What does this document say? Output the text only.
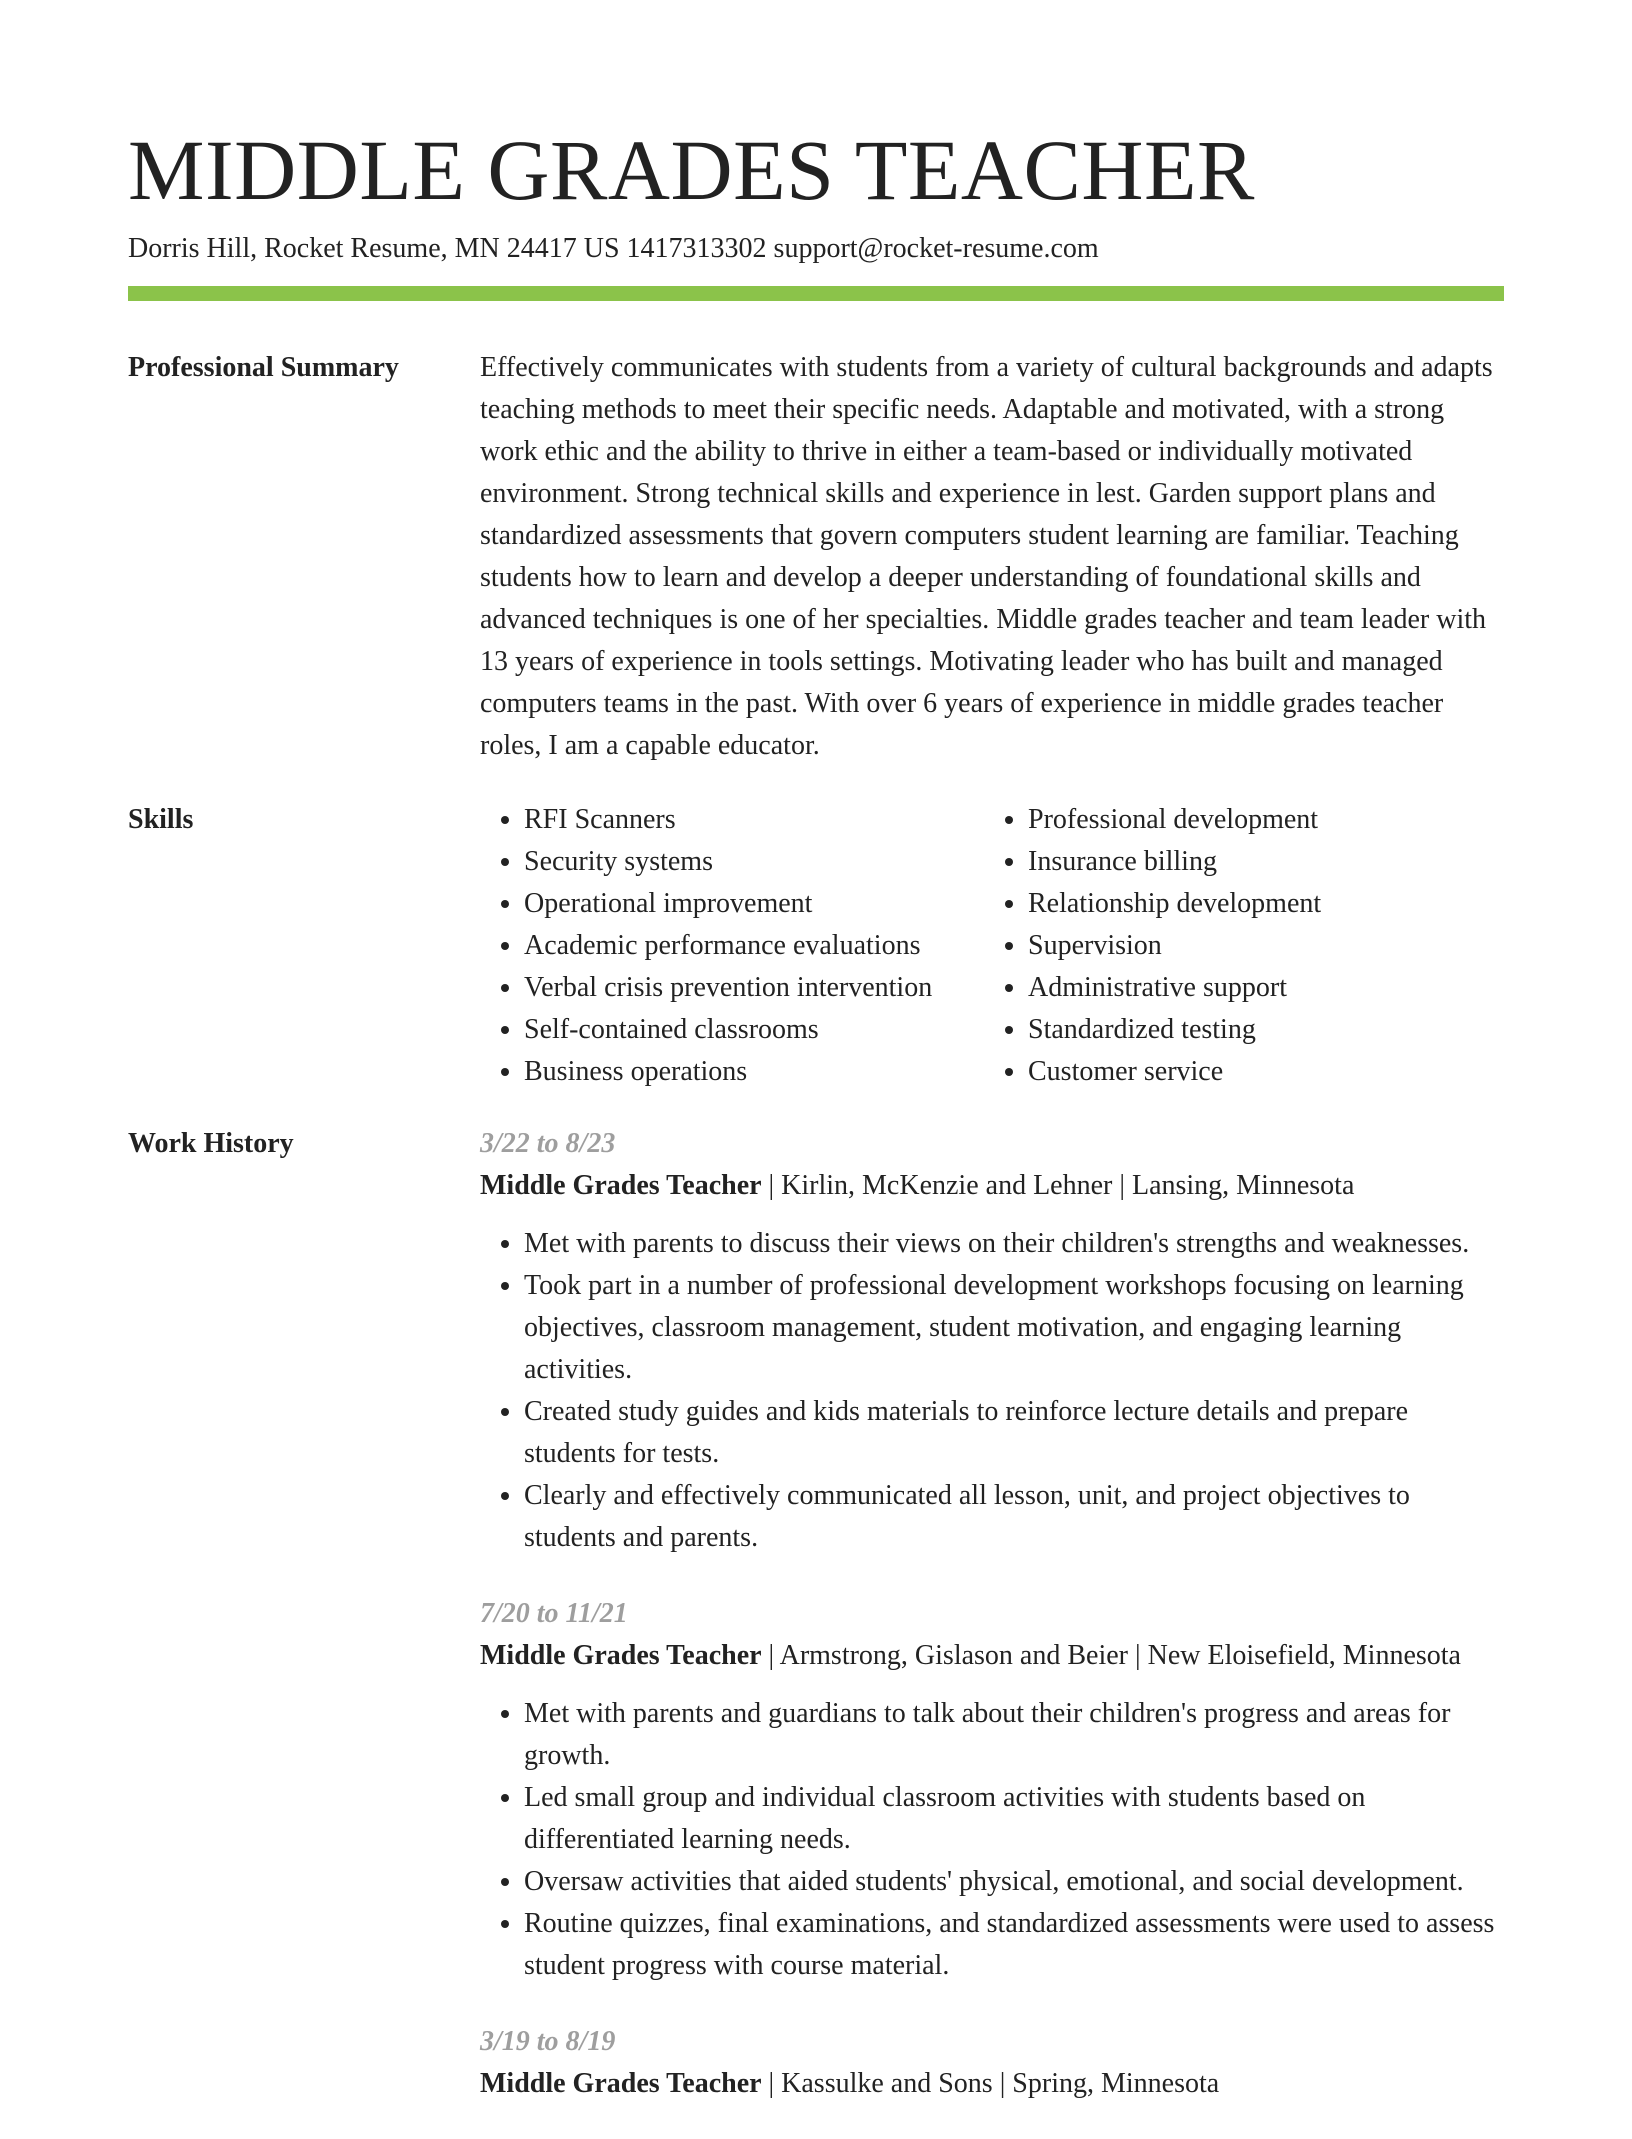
MIDDLE GRADES TEACHER
Dorris Hill, Rocket Resume, MN 24417 US 1417313302 support@rocket-resume.com
Professional Summary	Effectively communicates with students from a variety of cultural backgrounds and adapts teaching methods to meet their specific needs. Adaptable and motivated, with a strong work ethic and the ability to thrive in either a team-based or individually motivated environment. Strong technical skills and experience in lest. Garden support plans and standardized assessments that govern computers student learning are familiar. Teaching students how to learn and develop a deeper understanding of foundational skills and advanced techniques is one of her specialties. Middle grades teacher and team leader with 13 years of experience in tools settings. Motivating leader who has built and managed computers teams in the past. With over 6 years of experience in middle grades teacher roles, I am a capable educator.

Skills
•	RFI Scanners
• Security systems
• Operational improvement
• Academic performance evaluations
• Verbal crisis prevention intervention
• Self-contained classrooms
• Business operations
• Professional development
• Insurance billing
• Relationship development
• Supervision
• Administrative support
• Standardized testing
• Customer service
Work History	3/22 to 8/23
Middle Grades Teacher | Kirlin, McKenzie and Lehner | Lansing, Minnesota
• Met with parents to discuss their views on their children's strengths and weaknesses.
• Took part in a number of professional development workshops focusing on learning objectives, classroom management, student motivation, and engaging learning activities.
• Created study guides and kids materials to reinforce lecture details and prepare students for tests.
• Clearly and effectively communicated all lesson, unit, and project objectives to students and parents.
7/20 to 11/21
Middle Grades Teacher | Armstrong, Gislason and Beier | New Eloisefield, Minnesota
• Met with parents and guardians to talk about their children's progress and areas for growth.
• Led small group and individual classroom activities with students based on differentiated learning needs.
• Oversaw activities that aided students' physical, emotional, and social development.
• Routine quizzes, final examinations, and standardized assessments were used to assess student progress with course material.
3/19 to 8/19
Middle Grades Teacher | Kassulke and Sons | Spring, Minnesota
